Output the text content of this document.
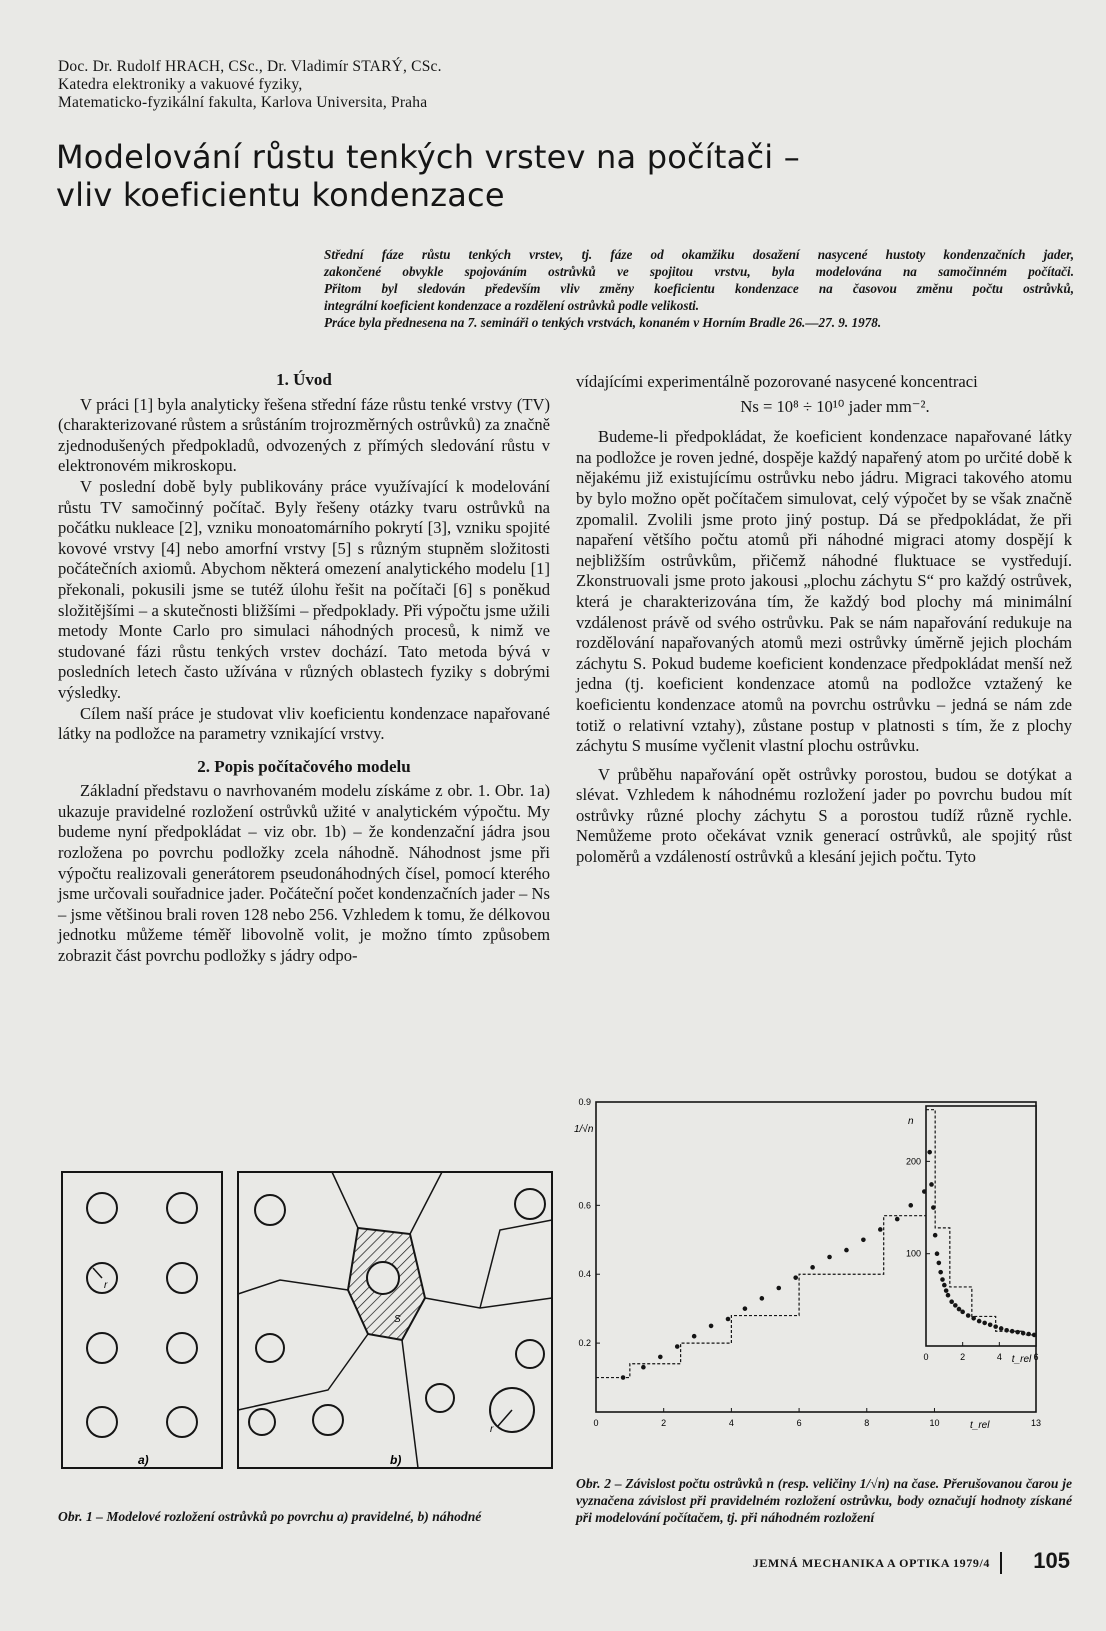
Doc. Dr. Rudolf HRACH, CSc., Dr. Vladimír STARÝ, CSc.
Katedra elektroniky a vakuové fyziky,
Matematicko-fyzikální fakulta, Karlova Universita, Praha
Modelování růstu tenkých vrstev na počítači –
vliv koeficientu kondenzace

Střední fáze růstu tenkých vrstev, tj. fáze od okamžiku dosažení nasycené hustoty kondenzačních jader,

zakončené obvykle spojováním ostrůvků ve spojitou vrstvu, byla modelována na samočinném počítači.

Přitom byl sledován především vliv změny koeficientu kondenzace na časovou změnu počtu ostrůvků,

integrální koeficient kondenzace a rozdělení ostrůvků podle velikosti.

Práce byla přednesena na 7. semináři o tenkých vrstvách, konaném v Horním Bradle 26.—27. 9. 1978.

1. Úvod

V práci [1] byla analyticky řešena střední fáze růstu tenké vrstvy (TV) (charakterizované růstem a srůstáním trojrozměrných ostrůvků) za značně zjednodušených předpokladů, odvozených z přímých sledování růstu v elektronovém mikroskopu.

V poslední době byly publikovány práce využívající k modelování růstu TV samočinný počítač. Byly řešeny otázky tvaru ostrůvků na počátku nukleace [2], vzniku monoatomárního pokrytí [3], vzniku spojité kovové vrstvy [4] nebo amorfní vrstvy [5] s různým stupněm složitosti počátečních axiomů. Abychom některá omezení analytického modelu [1] překonali, pokusili jsme se tutéž úlohu řešit na počítači [6] s poněkud složitějšími – a skutečnosti bližšími – předpoklady. Při výpočtu jsme užili metody Monte Carlo pro simulaci náhodných procesů, k nimž ve studované fázi růstu tenkých vrstev dochází. Tato metoda bývá v posledních letech často užívána v různých oblastech fyziky s dobrými výsledky.

Cílem naší práce je studovat vliv koeficientu kondenzace napařované látky na podložce na parametry vznikající vrstvy.

2. Popis počítačového modelu

Základní představu o navrhovaném modelu získáme z obr. 1. Obr. 1a) ukazuje pravidelné rozložení ostrůvků užité v analytickém výpočtu. My budeme nyní předpokládat – viz obr. 1b) – že kondenzační jádra jsou rozložena po povrchu podložky zcela náhodně. Náhodnost jsme při výpočtu realizovali generátorem pseudonáhodných čísel, pomocí kterého jsme určovali souřadnice jader. Počáteční počet kondenzačních jader – Ns – jsme většinou brali roven 128 nebo 256. Vzhledem k tomu, že délkovou jednotku můžeme téměř libovolně volit, je možno tímto způsobem zobrazit část povrchu podložky s jádry odpo-

vídajícími experimentálně pozorované nasycené koncentraci

Ns = 10⁸ ÷ 10¹⁰ jader mm⁻².

Budeme-li předpokládat, že koeficient kondenzace napařované látky na podložce je roven jedné, dospěje každý napařený atom po určité době k nějakému již existujícímu ostrůvku nebo jádru. Migraci takového atomu by bylo možno opět počítačem simulovat, celý výpočet by se však značně zpomalil. Zvolili jsme proto jiný postup. Dá se předpokládat, že při napaření většího počtu atomů při náhodné migraci atomy dospějí k nejbližším ostrůvkům, přičemž náhodné fluktuace se vystředují. Zkonstruovali jsme proto jakousi „plochu záchytu S“ pro každý ostrůvek, která je charakterizována tím, že každý bod plochy má minimální vzdálenost právě od svého ostrůvku. Pak se nám napařování redukuje na rozdělování napařovaných atomů mezi ostrůvky úměrně jejich plochám záchytu S. Pokud budeme koeficient kondenzace předpokládat menší než jedna (tj. koeficient kondenzace atomů na podložce vztažený ke koeficientu kondenzace atomů na povrchu ostrůvku – jedná se nám zde totiž o relativní vztahy), zůstane postup v platnosti s tím, že z plochy záchytu S musíme vyčlenit vlastní plochu ostrůvku.

V průběhu napařování opět ostrůvky porostou, budou se dotýkat a slévat. Vzhledem k náhodnému rozložení jader po povrchu budou mít ostrůvky různé plochy záchytu S a porostou tudíž různě rychle. Nemůžeme proto očekávat vznik generací ostrůvků, ale spojitý růst poloměrů a vzdáleností ostrůvků a klesání jejich počtu. Tyto

r
r
S
a)	b)
Obr. 1 – Modelové rozložení ostrůvků po povrchu a) pravidelné, b) náhodné
0	2	4	6	8	10	13
0.2
0.4
0.6
0.9
t_rel
1/√n
0	2	4	6
100
200
t_rel
n
Obr. 2 – Závislost počtu ostrůvků n (resp. veličiny 1/√n) na čase. Přerušovanou čarou je vyznačena závislost při pravidelném rozložení ostrůvku, body označují hodnoty získané při modelování počítačem, tj. při náhodném rozložení
JEMNÁ MECHANIKA A OPTIKA 1979/4 105
